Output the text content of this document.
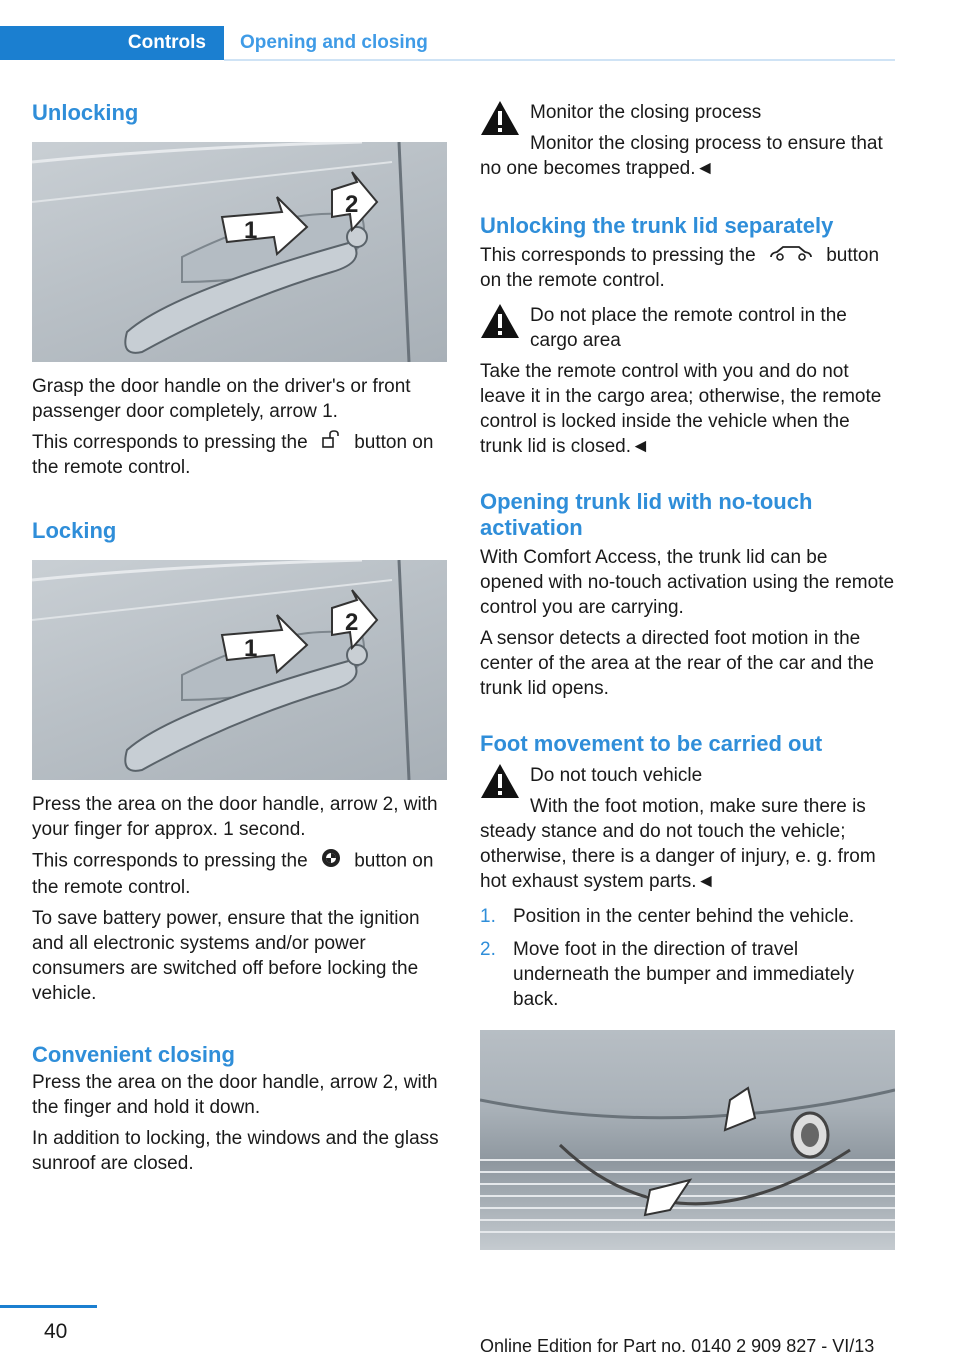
Controls	Opening and closing
Unlocking
1
2

Grasp the door handle on the driver's or front passenger door completely, arrow 1.

This corresponds to pressing the button on the remote control.

Locking
1
2

Press the area on the door handle, arrow 2, with your finger for approx. 1 second.

This corresponds to pressing the button on the remote control.

To save battery power, ensure that the ignition and all electronic systems and/or power consumers are switched off before locking the vehicle.

Convenient closing

Press the area on the door handle, arrow 2, with the finger and hold it down.

In addition to locking, the windows and the glass sunroof are closed.

Monitor the closing process

Monitor the closing process to ensure that no one becomes trapped.◄

Unlocking the trunk lid separately

This corresponds to pressing the	button on the remote control.

Do not place the remote control in the cargo area

Take the remote control with you and do not leave it in the cargo area; otherwise, the remote control is locked inside the vehicle when the trunk lid is closed.◄

Opening trunk lid with no-touch activation

With Comfort Access, the trunk lid can be opened with no-touch activation using the remote control you are carrying.

A sensor detects a directed foot motion in the center of the area at the rear of the car and the trunk lid opens.

Foot movement to be carried out

Do not touch vehicle

With the foot motion, make sure there is steady stance and do not touch the vehicle; otherwise, there is a danger of injury, e. g. from hot exhaust system parts.◄

1. Position in the center behind the vehicle.
2. Move foot in the direction of travel underneath the bumper and immediately back.
40
Online Edition for Part no. 0140 2 909 827 - VI/13
